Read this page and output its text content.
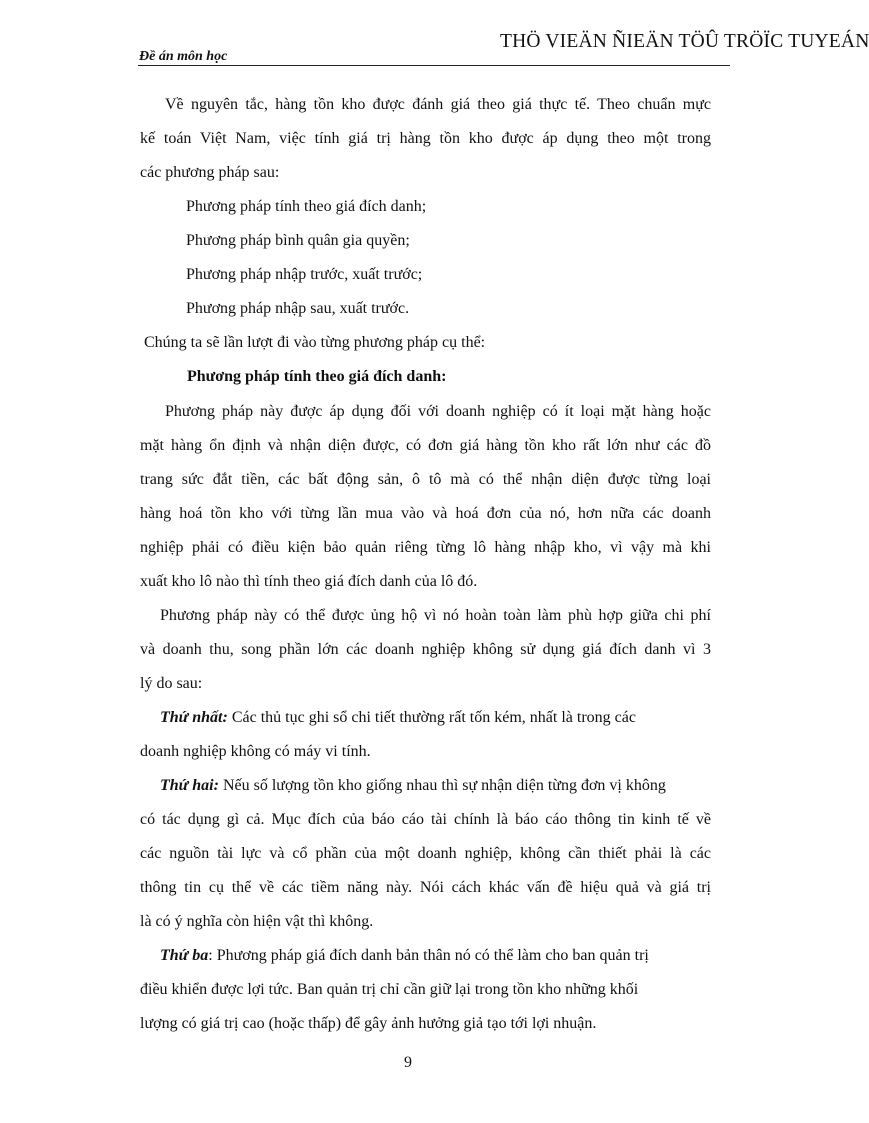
Đề án môn học

THÖ VIEÄN ÑIEÄN TÖÛ TRÖÏC TUYEÁN

Về nguyên tắc, hàng tồn kho được đánh giá theo giá thực tế. Theo chuẩn mực

kế toán Việt Nam, việc tính giá trị hàng tồn kho được áp dụng theo một trong

các phương pháp sau:

Phương pháp tính theo giá đích danh;

Phương pháp bình quân gia quyền;

Phương pháp nhập trước, xuất trước;

Phương pháp nhập sau, xuất trước.

Chúng ta sẽ lần lượt đi vào từng phương pháp cụ thể:

Phương pháp tính theo giá đích danh:

Phương pháp này được áp dụng đối với doanh nghiệp có ít loại mặt hàng hoặc

mặt hàng ổn định và nhận diện được, có đơn giá hàng tồn kho rất lớn như các đồ

trang sức đắt tiền, các bất động sản, ô tô mà có thể nhận diện được từng loại

hàng hoá tồn kho với từng lần mua vào và hoá đơn của nó, hơn nữa các doanh

nghiệp phải có điều kiện bảo quản riêng từng lô hàng nhập kho, vì vậy mà khi

xuất kho lô nào thì tính theo giá đích danh của lô đó.

Phương pháp này có thể được ủng hộ vì nó hoàn toàn làm phù hợp giữa chi phí

và doanh thu, song phần lớn các doanh nghiệp không sử dụng giá đích danh vì 3

lý do sau:

Thứ nhất: Các thủ tục ghi sổ chi tiết thường rất tốn kém, nhất là trong các

doanh nghiệp không có máy vi tính.

Thứ hai: Nếu số lượng tồn kho giống nhau thì sự nhận diện từng đơn vị không

có tác dụng gì cả. Mục đích của báo cáo tài chính là báo cáo thông tin kinh tế về

các nguồn tài lực và cổ phần của một doanh nghiệp, không cần thiết phải là các

thông tin cụ thể về các tiềm năng này. Nói cách khác vấn đề hiệu quả và giá trị

là có ý nghĩa còn hiện vật thì không.

Thứ ba: Phương pháp giá đích danh bản thân nó có thể làm cho ban quản trị

điều khiển được lợi tức. Ban quản trị chỉ cần giữ lại trong tồn kho những khối

lượng có giá trị cao (hoặc thấp) để gây ảnh hưởng giả tạo tới lợi nhuận.

9
